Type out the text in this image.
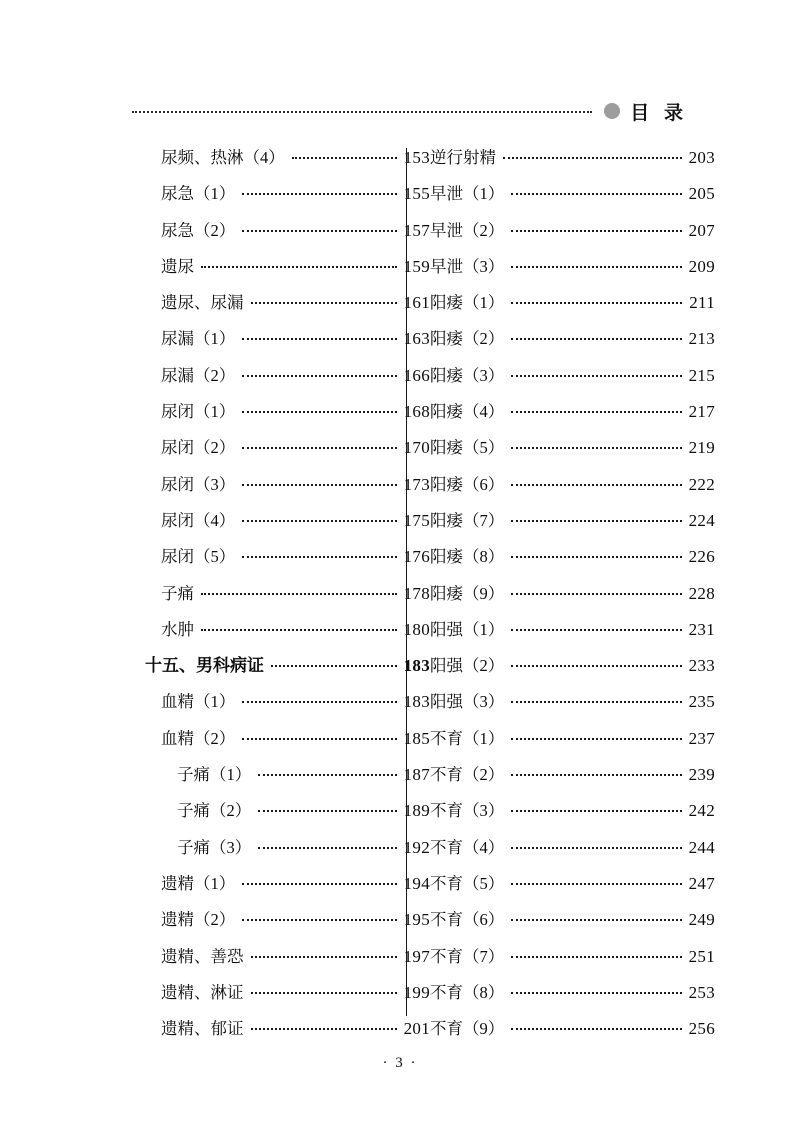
目 录
尿频、热淋（4）	153
尿急（1）	155
尿急（2）	157
遗尿	159
遗尿、尿漏	161
尿漏（1）	163
尿漏（2）	166
尿闭（1）	168
尿闭（2）	170
尿闭（3）	173
尿闭（4）	175
尿闭（5）	176
子痛	178
水肿	180
十五、男科病证	183
血精（1）	183
血精（2）	185
子痛（1）	187
子痛（2）	189
子痛（3）	192
遗精（1）	194
遗精（2）	195
遗精、善恐	197
遗精、淋证	199
遗精、郁证	201
逆行射精	203
早泄（1）	205
早泄（2）	207
早泄（3）	209
阳痿（1）	211
阳痿（2）	213
阳痿（3）	215
阳痿（4）	217
阳痿（5）	219
阳痿（6）	222
阳痿（7）	224
阳痿（8）	226
阳痿（9）	228
阳强（1）	231
阳强（2）	233
阳强（3）	235
不育（1）	237
不育（2）	239
不育（3）	242
不育（4）	244
不育（5）	247
不育（6）	249
不育（7）	251
不育（8）	253
不育（9）	256
· 3 ·
